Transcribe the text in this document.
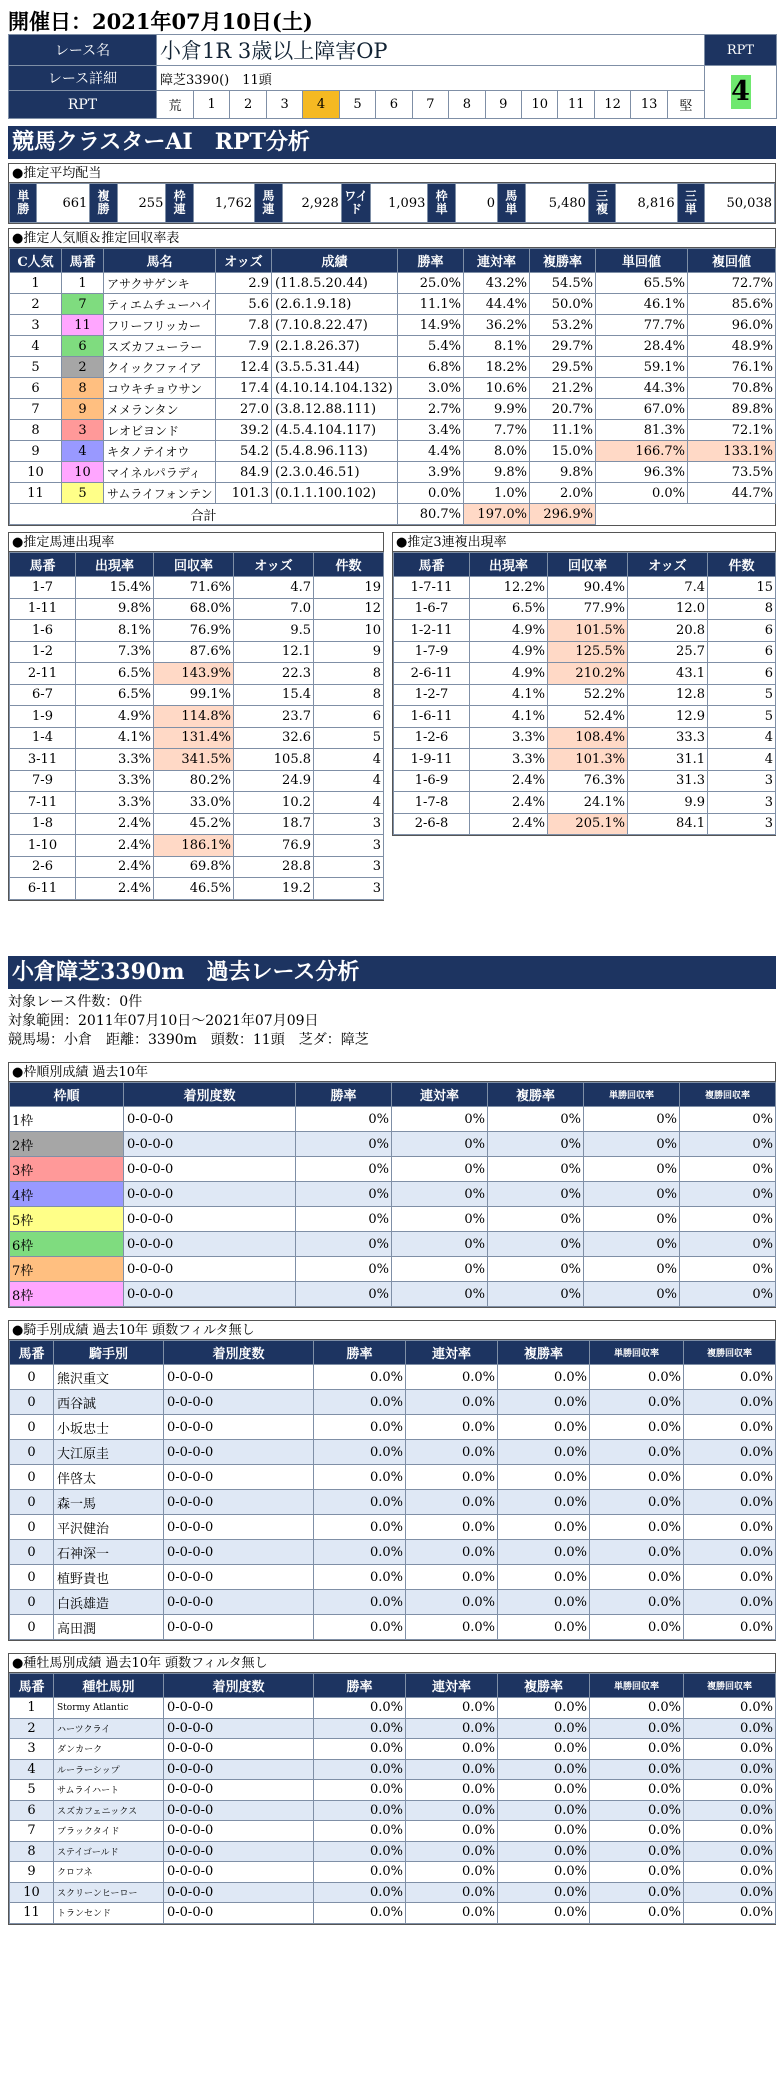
開催日：2021年07月10日(土)
レース名	小倉1R 3歳以上障害OP	RPT
レース詳細	障芝3390()　11頭	4
RPT		荒	1	2	3	4	5	6	7	8	9	10	11	12	13	堅
競馬クラスターAI　RPT分析
●推定平均配当
単勝	661	複勝	255	枠連	1,762	馬連	2,928	ワイド	1,093	枠単	0	馬単	5,480	三複	8,816	三単	50,038
●推定人気順＆推定回収率表
C人気	馬番	馬名	オッズ	成績	勝率	連対率	複勝率	単回値	複回値
1	1	アサクサゲンキ	2.9	(11.8.5.20.44)	25.0%	43.2%	54.5%	65.5%	72.7%
2	7	ティエムチューハイ	5.6	(2.6.1.9.18)	11.1%	44.4%	50.0%	46.1%	85.6%
3	11	フリーフリッカー	7.8	(7.10.8.22.47)	14.9%	36.2%	53.2%	77.7%	96.0%
4	6	スズカフューラー	7.9	(2.1.8.26.37)	5.4%	8.1%	29.7%	28.4%	48.9%
5	2	クイックファイア	12.4	(3.5.5.31.44)	6.8%	18.2%	29.5%	59.1%	76.1%
6	8	コウキチョウサン	17.4	(4.10.14.104.132)	3.0%	10.6%	21.2%	44.3%	70.8%
7	9	メメランタン	27.0	(3.8.12.88.111)	2.7%	9.9%	20.7%	67.0%	89.8%
8	3	レオビヨンド	39.2	(4.5.4.104.117)	3.4%	7.7%	11.1%	81.3%	72.1%
9	4	キタノテイオウ	54.2	(5.4.8.96.113)	4.4%	8.0%	15.0%	166.7%	133.1%
10	10	マイネルパラディ	84.9	(2.3.0.46.51)	3.9%	9.8%	9.8%	96.3%	73.5%
11	5	サムライフォンテン	101.3	(0.1.1.100.102)	0.0%	1.0%	2.0%	0.0%	44.7%
合計					80.7%	197.0%	296.9%		
●推定馬連出現率
馬番	出現率	回収率	オッズ	件数
1-7	15.4%	71.6%	4.7	19
1-11	9.8%	68.0%	7.0	12
1-6	8.1%	76.9%	9.5	10
1-2	7.3%	87.6%	12.1	9
2-11	6.5%	143.9%	22.3	8
6-7	6.5%	99.1%	15.4	8
1-9	4.9%	114.8%	23.7	6
1-4	4.1%	131.4%	32.6	5
3-11	3.3%	341.5%	105.8	4
7-9	3.3%	80.2%	24.9	4
7-11	3.3%	33.0%	10.2	4
1-8	2.4%	45.2%	18.7	3
1-10	2.4%	186.1%	76.9	3
2-6	2.4%	69.8%	28.8	3
6-11	2.4%	46.5%	19.2	3
●推定3連複出現率
馬番	出現率	回収率	オッズ	件数
1-7-11	12.2%	90.4%	7.4	15
1-6-7	6.5%	77.9%	12.0	8
1-2-11	4.9%	101.5%	20.8	6
1-7-9	4.9%	125.5%	25.7	6
2-6-11	4.9%	210.2%	43.1	6
1-2-7	4.1%	52.2%	12.8	5
1-6-11	4.1%	52.4%	12.9	5
1-2-6	3.3%	108.4%	33.3	4
1-9-11	3.3%	101.3%	31.1	4
1-6-9	2.4%	76.3%	31.3	3
1-7-8	2.4%	24.1%	9.9	3
2-6-8	2.4%	205.1%	84.1	3
小倉障芝3390m　過去レース分析
対象レース件数：0件
対象範囲：2011年07月10日～2021年07月09日
競馬場：小倉　距離：3390m　頭数：11頭　芝ダ：障芝
●枠順別成績 過去10年
枠順	着別度数	勝率	連対率	複勝率	単勝回収率	複勝回収率
1枠	0-0-0-0	0%	0%	0%	0%	0%
2枠	0-0-0-0	0%	0%	0%	0%	0%
3枠	0-0-0-0	0%	0%	0%	0%	0%
4枠	0-0-0-0	0%	0%	0%	0%	0%
5枠	0-0-0-0	0%	0%	0%	0%	0%
6枠	0-0-0-0	0%	0%	0%	0%	0%
7枠	0-0-0-0	0%	0%	0%	0%	0%
8枠	0-0-0-0	0%	0%	0%	0%	0%
●騎手別成績 過去10年 頭数フィルタ無し
馬番	騎手別	着別度数	勝率	連対率	複勝率	単勝回収率	複勝回収率
0	熊沢重文	0-0-0-0	0.0%	0.0%	0.0%	0.0%	0.0%
0	西谷誠	0-0-0-0	0.0%	0.0%	0.0%	0.0%	0.0%
0	小坂忠士	0-0-0-0	0.0%	0.0%	0.0%	0.0%	0.0%
0	大江原圭	0-0-0-0	0.0%	0.0%	0.0%	0.0%	0.0%
0	伴啓太	0-0-0-0	0.0%	0.0%	0.0%	0.0%	0.0%
0	森一馬	0-0-0-0	0.0%	0.0%	0.0%	0.0%	0.0%
0	平沢健治	0-0-0-0	0.0%	0.0%	0.0%	0.0%	0.0%
0	石神深一	0-0-0-0	0.0%	0.0%	0.0%	0.0%	0.0%
0	植野貴也	0-0-0-0	0.0%	0.0%	0.0%	0.0%	0.0%
0	白浜雄造	0-0-0-0	0.0%	0.0%	0.0%	0.0%	0.0%
0	高田潤	0-0-0-0	0.0%	0.0%	0.0%	0.0%	0.0%
●種牡馬別成績 過去10年 頭数フィルタ無し
馬番	種牡馬別	着別度数	勝率	連対率	複勝率	単勝回収率	複勝回収率
1	Stormy Atlantic	0-0-0-0	0.0%	0.0%	0.0%	0.0%	0.0%
2	ハーツクライ	0-0-0-0	0.0%	0.0%	0.0%	0.0%	0.0%
3	ダンカーク	0-0-0-0	0.0%	0.0%	0.0%	0.0%	0.0%
4	ルーラーシップ	0-0-0-0	0.0%	0.0%	0.0%	0.0%	0.0%
5	サムライハート	0-0-0-0	0.0%	0.0%	0.0%	0.0%	0.0%
6	スズカフェニックス	0-0-0-0	0.0%	0.0%	0.0%	0.0%	0.0%
7	ブラックタイド	0-0-0-0	0.0%	0.0%	0.0%	0.0%	0.0%
8	ステイゴールド	0-0-0-0	0.0%	0.0%	0.0%	0.0%	0.0%
9	クロフネ	0-0-0-0	0.0%	0.0%	0.0%	0.0%	0.0%
10	スクリーンヒーロー	0-0-0-0	0.0%	0.0%	0.0%	0.0%	0.0%
11	トランセンド	0-0-0-0	0.0%	0.0%	0.0%	0.0%	0.0%
